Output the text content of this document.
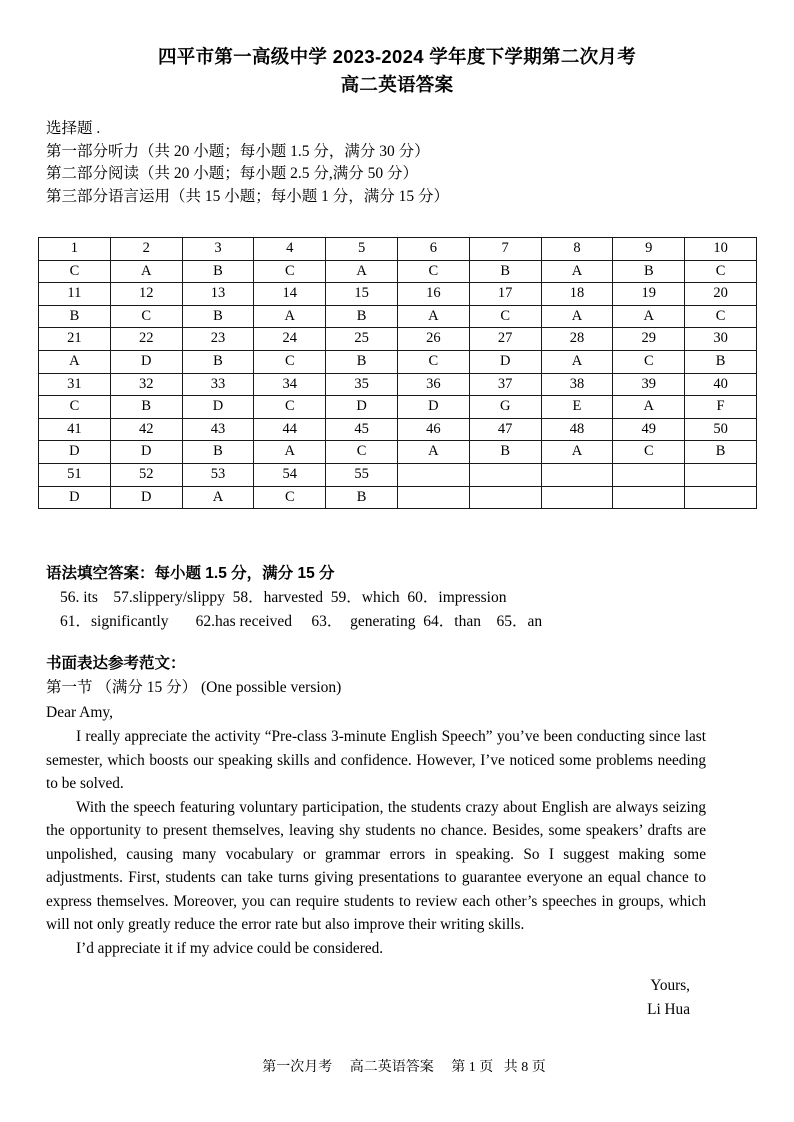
四平市第一高级中学 2023-2024 学年度下学期第二次月考
高二英语答案
选择题 .
第一部分听力（共 20 小题；每小题 1.5 分，满分 30 分）
第二部分阅读（共 20 小题；每小题 2.5 分,满分 50 分）
第三部分语言运用（共 15 小题；每小题 1 分，满分 15 分）
1	2	3	4	5	6	7	8	9	10
C	A	B	C	A	C	B	A	B	C
11	12	13	14	15	16	17	18	19	20
B	C	B	A	B	A	C	A	A	C
21	22	23	24	25	26	27	28	29	30
A	D	B	C	B	C	D	A	C	B
31	32	33	34	35	36	37	38	39	40
C	B	D	C	D	D	G	E	A	F
41	42	43	44	45	46	47	48	49	50
D	D	B	A	C	A	B	A	C	B
51	52	53	54	55					
D	D	A	C	B					
语法填空答案：每小题 1.5 分，满分 15 分
56. its    57.slippery/slippy  58．harvested  59．which  60．impression
61．significantly       62.has received     63．  generating  64．than    65．an
书面表达参考范文：
第一节 （满分 15 分） (One possible version)
Dear Amy,

I really appreciate the activity “Pre-class 3-minute English Speech” you’ve been conducting since last semester, which boosts our speaking skills and confidence. However, I’ve noticed some problems needing to be solved.

With the speech featuring voluntary participation, the students crazy about English are always seizing the opportunity to present themselves, leaving shy students no chance. Besides, some speakers’ drafts are unpolished, causing many vocabulary or grammar errors in speaking. So I suggest making some adjustments. First, students can take turns giving presentations to guarantee everyone an equal chance to express themselves. Moreover, you can require students to review each other’s speeches in groups, which will not only greatly reduce the error rate but also improve their writing skills.

I’d appreciate it if my advice could be considered.

Yours,
Li Hua

第一次月考 高二英语答案 第 1 页 共 8 页
